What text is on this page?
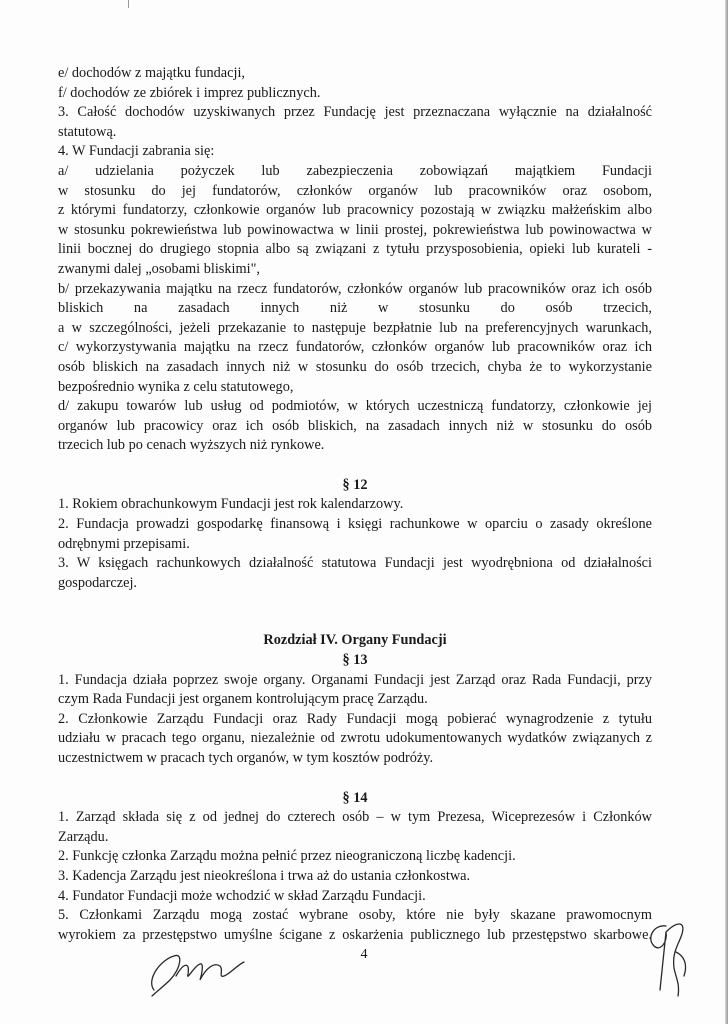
e/ dochodów z majątku fundacji,

f/ dochodów ze zbiórek i imprez publicznych.

3. Całość dochodów uzyskiwanych przez Fundację jest przeznaczana wyłącznie na działalność

statutową.

4. W Fundacji zabrania się:

a/ udzielania pożyczek lub zabezpieczenia zobowiązań majątkiem Fundacji

w stosunku do jej fundatorów, członków organów lub pracowników oraz osobom,

z którymi fundatorzy, członkowie organów lub pracownicy pozostają w związku małżeńskim albo

w stosunku pokrewieństwa lub powinowactwa w linii prostej, pokrewieństwa lub powinowactwa w

linii bocznej do drugiego stopnia albo są związani z tytułu przysposobienia, opieki lub kurateli -

zwanymi dalej „osobami bliskimi",

b/ przekazywania majątku na rzecz fundatorów, członków organów lub pracowników oraz ich osób

bliskich na zasadach innych niż w stosunku do osób trzecich,

a w szczególności, jeżeli przekazanie to następuje bezpłatnie lub na preferencyjnych warunkach,

c/ wykorzystywania majątku na rzecz fundatorów, członków organów lub pracowników oraz ich

osób bliskich na zasadach innych niż w stosunku do osób trzecich, chyba że to wykorzystanie

bezpośrednio wynika z celu statutowego,

d/ zakupu towarów lub usług od podmiotów, w których uczestniczą fundatorzy, członkowie jej

organów lub pracowicy oraz ich osób bliskich, na zasadach innych niż w stosunku do osób

trzecich lub po cenach wyższych niż rynkowe.

§ 12

1. Rokiem obrachunkowym Fundacji jest rok kalendarzowy.

2. Fundacja prowadzi gospodarkę finansową i księgi rachunkowe w oparciu o zasady określone

odrębnymi przepisami.

3. W księgach rachunkowych działalność statutowa Fundacji jest wyodrębniona od działalności

gospodarczej.

Rozdział IV. Organy Fundacji

§ 13

1. Fundacja działa poprzez swoje organy. Organami Fundacji jest Zarząd oraz Rada Fundacji, przy

czym Rada Fundacji jest organem kontrolującym pracę Zarządu.

2. Członkowie Zarządu Fundacji oraz Rady Fundacji mogą pobierać wynagrodzenie z tytułu

udziału w pracach tego organu, niezależnie od zwrotu udokumentowanych wydatków związanych z

uczestnictwem w pracach tych organów, w tym kosztów podróży.

§ 14

1. Zarząd składa się z od jednej do czterech osób – w tym Prezesa, Wiceprezesów i Członków

Zarządu.

2. Funkcję członka Zarządu można pełnić przez nieograniczoną liczbę kadencji.

3. Kadencja Zarządu jest nieokreślona i trwa aż do ustania członkostwa.

4. Fundator Fundacji może wchodzić w skład Zarządu Fundacji.

5. Członkami Zarządu mogą zostać wybrane osoby, które nie były skazane prawomocnym

wyrokiem za przestępstwo umyślne ścigane z oskarżenia publicznego lub przestępstwo skarbowe.

4
